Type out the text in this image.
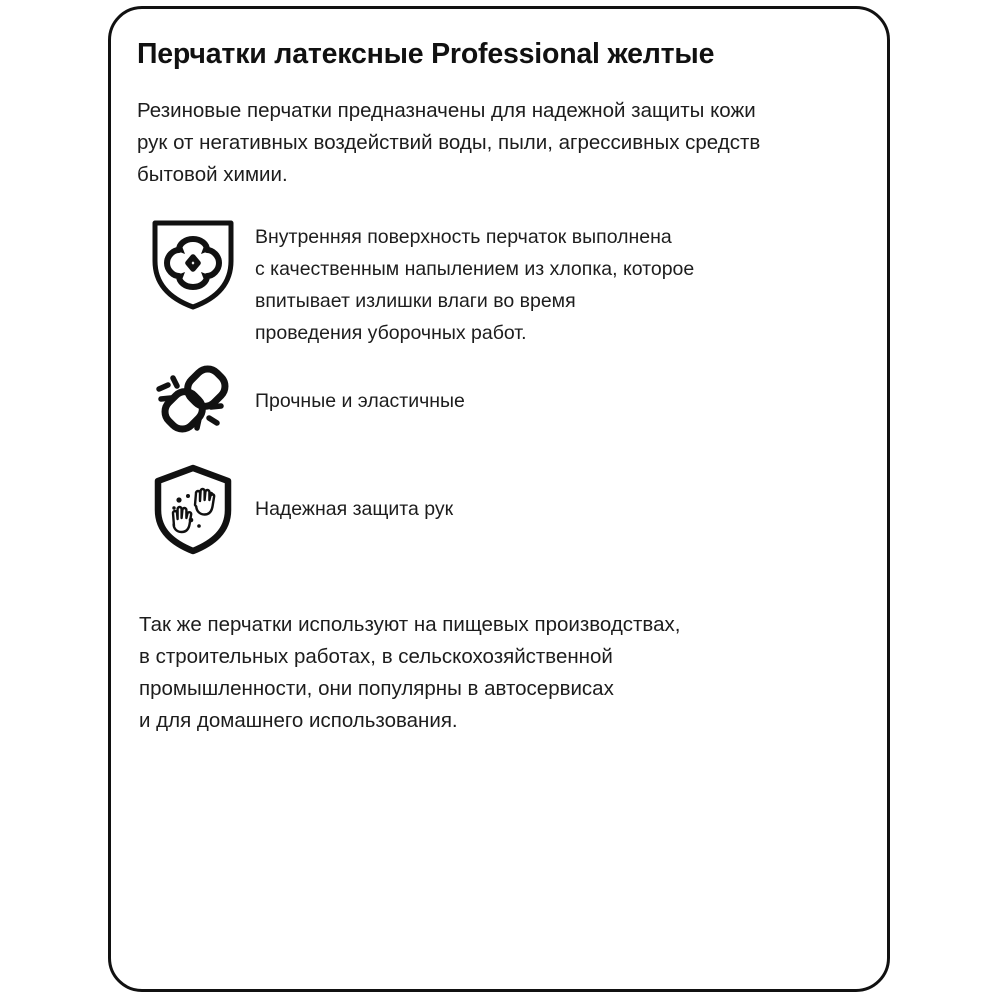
Перчатки латексные Professional желтые

Резиновые перчатки предназначены для надежной защиты кожи
рук от негативных воздействий воды, пыли, агрессивных средств
бытовой химии.

Внутренняя поверхность перчаток выполнена
с качественным напылением из хлопка, которое
впитывает излишки влаги во время
проведения уборочных работ.
Прочные и эластичные
Надежная защита рук

Так же перчатки используют на пищевых производствах,
в строительных работах, в сельскохозяйственной
промышленности, они популярны в автосервисах
и для домашнего использования.
